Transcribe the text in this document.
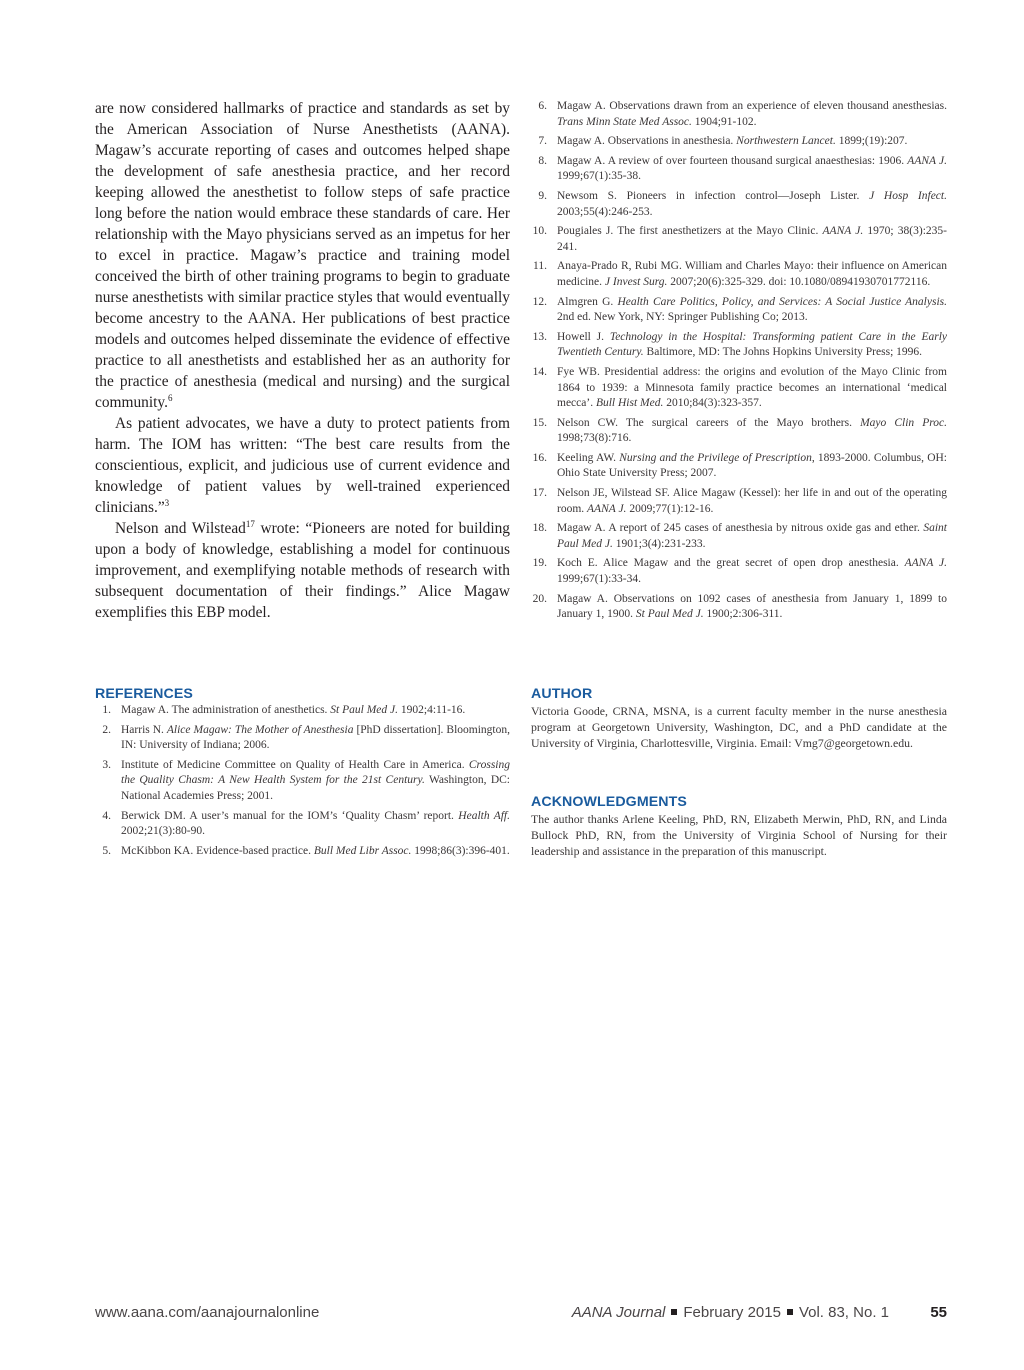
are now considered hallmarks of practice and standards as set by the American Association of Nurse Anesthetists (AANA). Magaw’s accurate reporting of cases and outcomes helped shape the development of safe anesthesia practice, and her record keeping allowed the anesthetist to follow steps of safe practice long before the nation would embrace these standards of care. Her relationship with the Mayo physicians served as an impetus for her to excel in practice. Magaw’s practice and training model conceived the birth of other training programs to begin to graduate nurse anesthetists with similar practice styles that would eventually become ancestry to the AANA. Her publications of best practice models and outcomes helped disseminate the evidence of effective practice to all anesthetists and established her as an authority for the practice of anesthesia (medical and nursing) and the surgical community.$^6$

As patient advocates, we have a duty to protect patients from harm. The IOM has written: “The best care results from the conscientious, explicit, and judicious use of current evidence and knowledge of patient values by well-trained experienced clinicians.”$^3$

Nelson and Wilstead$^{17}$ wrote: “Pioneers are noted for building upon a body of knowledge, establishing a model for continuous improvement, and exemplifying notable methods of research with subsequent documentation of their findings.” Alice Magaw exemplifies this EBP model.

6. Magaw A. Observations drawn from an experience of eleven thousand anesthesias. Trans Minn State Med Assoc. 1904;91-102.
7. Magaw A. Observations in anesthesia. Northwestern Lancet. 1899;(19):207.
8. Magaw A. A review of over fourteen thousand surgical anaesthesias: 1906. AANA J. 1999;67(1):35-38.
9. Newsom S. Pioneers in infection control—Joseph Lister. J Hosp Infect. 2003;55(4):246-253.
10. Pougiales J. The first anesthetizers at the Mayo Clinic. AANA J. 1970; 38(3):235-241.
11. Anaya-Prado R, Rubi MG. William and Charles Mayo: their influence on American medicine. J Invest Surg. 2007;20(6):325-329. doi: 10.1080/08941930701772116.
12. Almgren G. Health Care Politics, Policy, and Services: A Social Justice Analysis. 2nd ed. New York, NY: Springer Publishing Co; 2013.
13. Howell J. Technology in the Hospital: Transforming patient Care in the Early Twentieth Century. Baltimore, MD: The Johns Hopkins University Press; 1996.
14. Fye WB. Presidential address: the origins and evolution of the Mayo Clinic from 1864 to 1939: a Minnesota family practice becomes an international ‘medical mecca’. Bull Hist Med. 2010;84(3):323-357.
15. Nelson CW. The surgical careers of the Mayo brothers. Mayo Clin Proc. 1998;73(8):716.
16. Keeling AW. Nursing and the Privilege of Prescription, 1893-2000. Columbus, OH: Ohio State University Press; 2007.
17. Nelson JE, Wilstead SF. Alice Magaw (Kessel): her life in and out of the operating room. AANA J. 2009;77(1):12-16.
18. Magaw A. A report of 245 cases of anesthesia by nitrous oxide gas and ether. Saint Paul Med J. 1901;3(4):231-233.
19. Koch E. Alice Magaw and the great secret of open drop anesthesia. AANA J. 1999;67(1):33-34.
20. Magaw A. Observations on 1092 cases of anesthesia from January 1, 1899 to January 1, 1900. St Paul Med J. 1900;2:306-311.
REFERENCES
1. Magaw A. The administration of anesthetics. St Paul Med J. 1902;4:11-16.
2. Harris N. Alice Magaw: The Mother of Anesthesia [PhD dissertation]. Bloomington, IN: University of Indiana; 2006.
3. Institute of Medicine Committee on Quality of Health Care in America. Crossing the Quality Chasm: A New Health System for the 21st Century. Washington, DC: National Academies Press; 2001.
4. Berwick DM. A user’s manual for the IOM’s ‘Quality Chasm’ report. Health Aff. 2002;21(3):80-90.
5. McKibbon KA. Evidence-based practice. Bull Med Libr Assoc. 1998;86(3):396-401.
AUTHOR

Victoria Goode, CRNA, MSNA, is a current faculty member in the nurse anesthesia program at Georgetown University, Washington, DC, and a PhD candidate at the University of Virginia, Charlottesville, Virginia. Email: Vmg7@georgetown.edu.

ACKNOWLEDGMENTS

The author thanks Arlene Keeling, PhD, RN, Elizabeth Merwin, PhD, RN, and Linda Bullock PhD, RN, from the University of Virginia School of Nursing for their leadership and assistance in the preparation of this manuscript.

www.aana.com/aanajournalonline	AANA Journal February 2015 Vol. 83, No. 1	55
